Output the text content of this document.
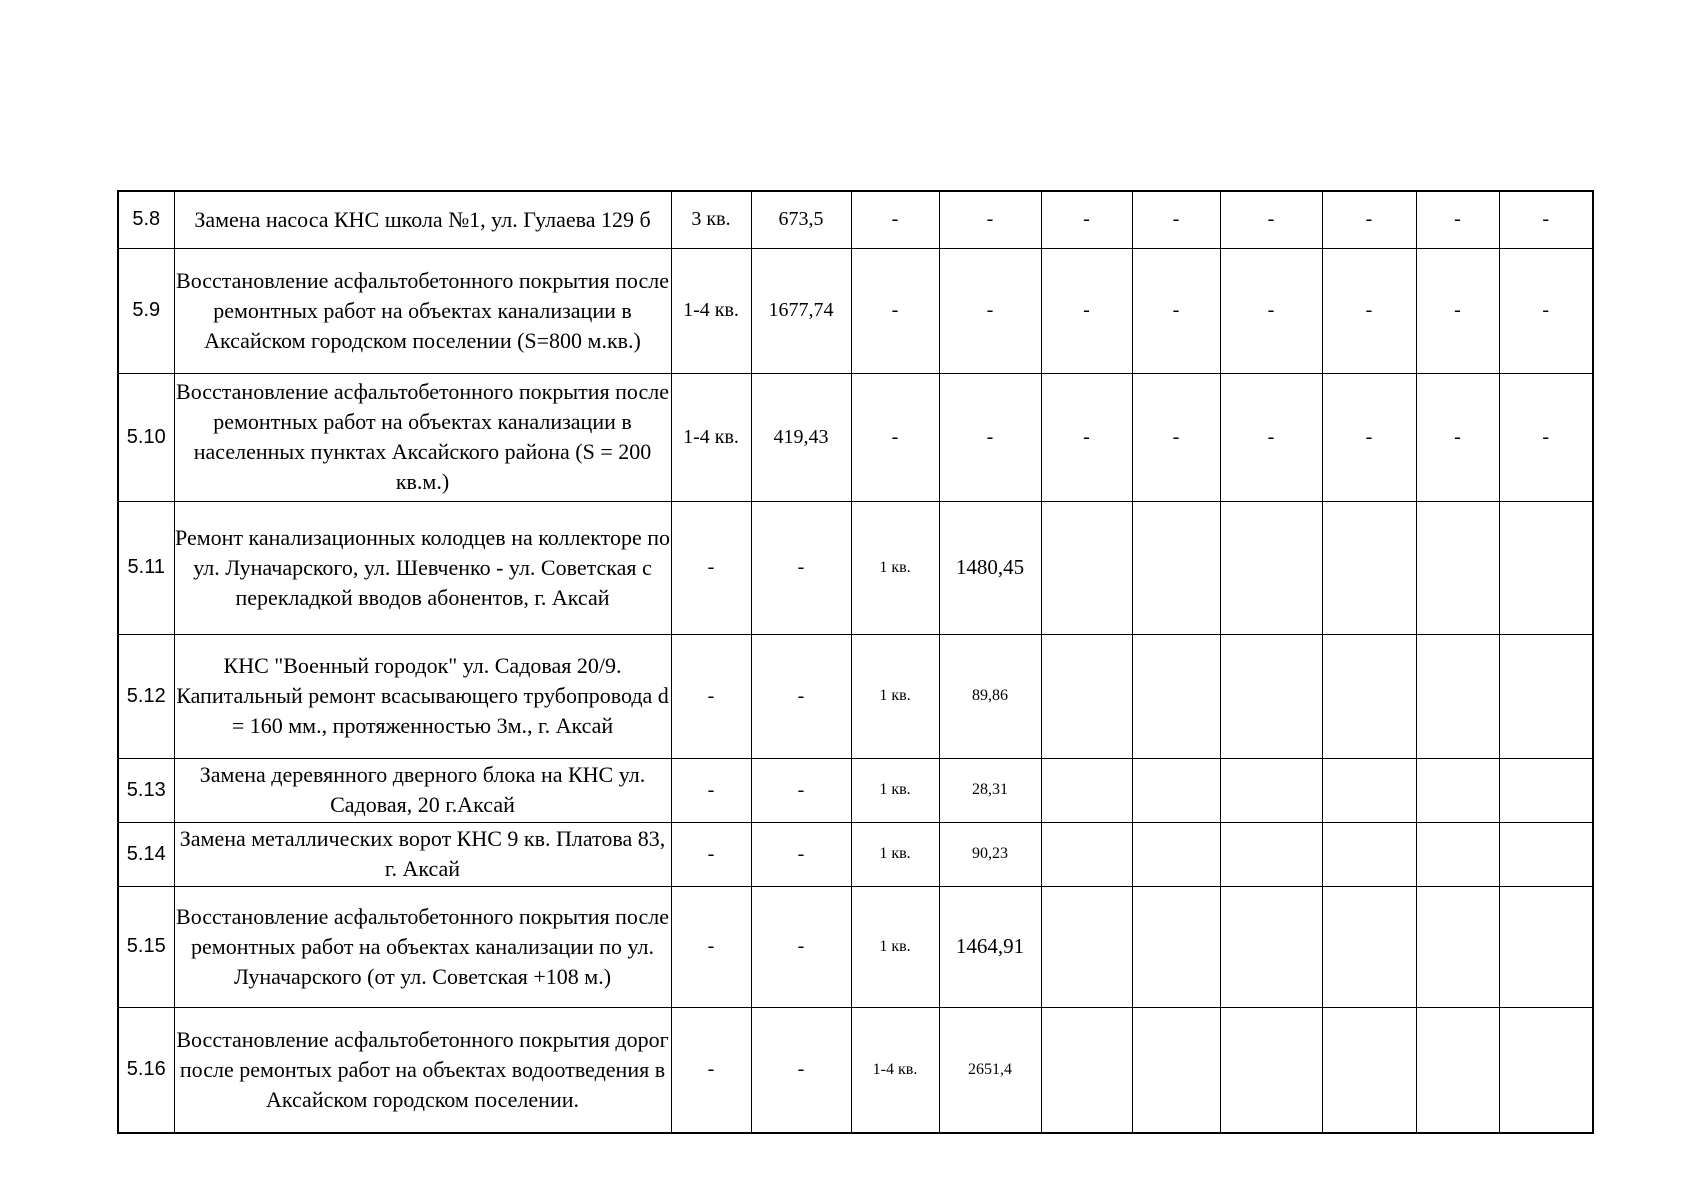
5.8	Замена насоса КНС школа №1, ул. Гулаева 129 б	3 кв.	673,5	-	-	-	-	-	-	-	-
5.9	Восстановление асфальтобетонного покрытия после ремонтных работ на объектах канализации в Аксайском городском поселении (S=800 м.кв.)	1-4 кв.	1677,74	-	-	-	-	-	-	-	-
5.10	Восстановление асфальтобетонного покрытия после ремонтных работ на объектах канализации в населенных пунктах Аксайского района (S = 200 кв.м.)	1-4 кв.	419,43	-	-	-	-	-	-	-	-
5.11	Ремонт канализационных колодцев на коллекторе по ул. Луначарского, ул. Шевченко - ул. Советская с перекладкой вводов абонентов, г. Аксай	-	-	1 кв.	1480,45						
5.12	КНС "Военный городок" ул. Садовая 20/9. Капитальный ремонт всасывающего трубопровода d = 160 мм., протяженностью 3м., г. Аксай	-	-	1 кв.	89,86						
5.13	Замена деревянного дверного блока на КНС ул. Садовая, 20 г.Аксай	-	-	1 кв.	28,31						
5.14	Замена металлических ворот КНС 9 кв. Платова 83, г. Аксай	-	-	1 кв.	90,23						
5.15	Восстановление асфальтобетонного покрытия после ремонтных работ на объектах канализации по ул. Луначарского (от ул. Советская +108 м.)	-	-	1 кв.	1464,91						
5.16	Восстановление асфальтобетонного покрытия дорог после ремонтых работ на объектах водоотведения в Аксайском городском поселении.	-	-	1-4 кв.	2651,4						
